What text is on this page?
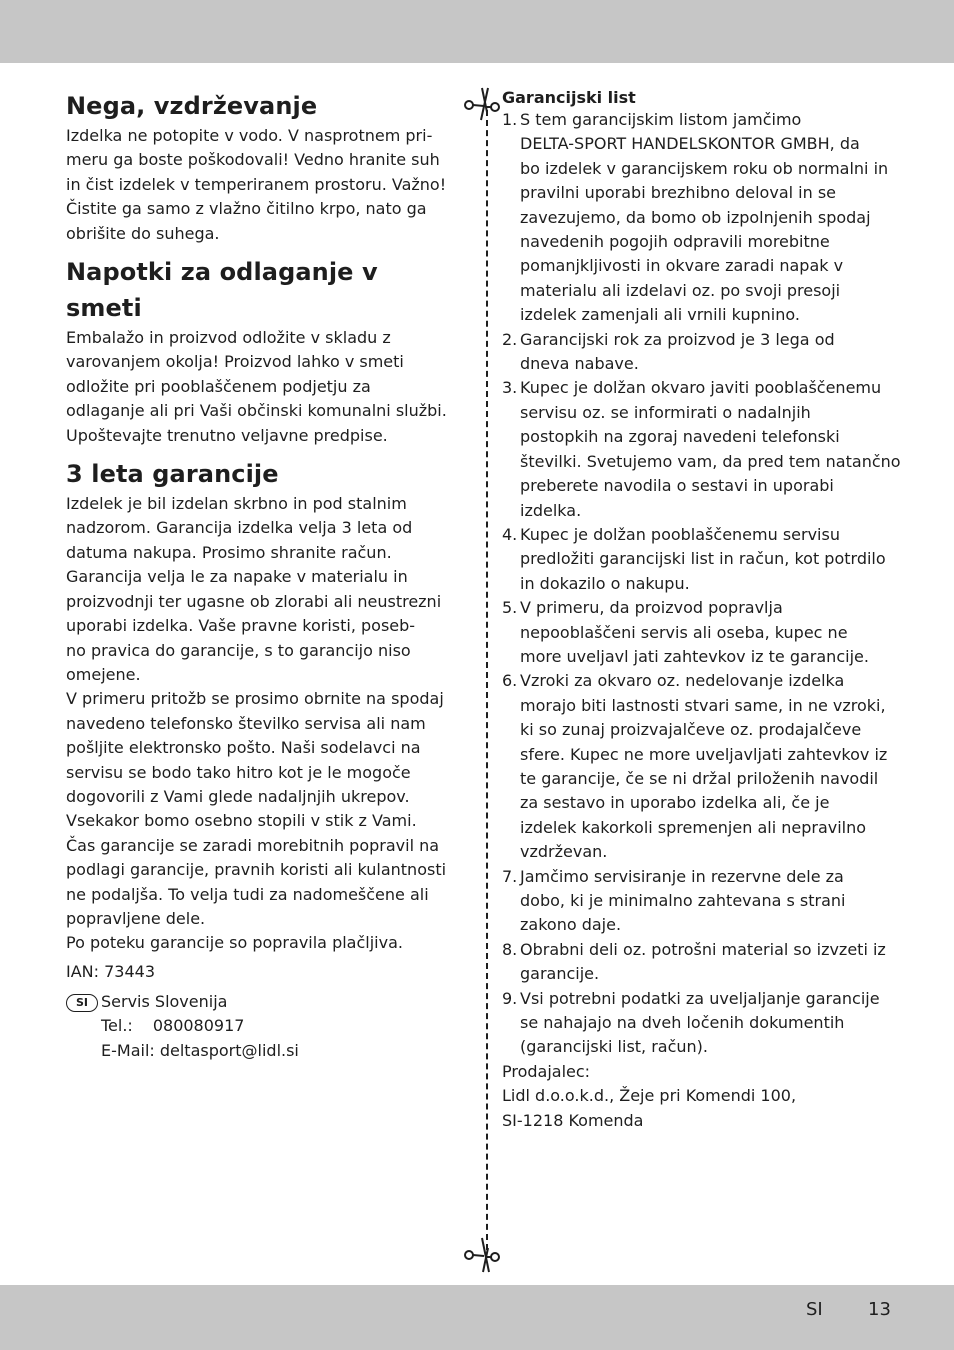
Nega, vzdrževanje
Izdelka ne potopite v vodo. V nasprotnem pri-
meru ga boste poškodovali! Vedno hranite suh
in čist izdelek v temperiranem prostoru. Važno!
Čistite ga samo z vlažno čitilno krpo, nato ga
obrišite do suhega.
Napotki za odlaganje v smeti
Embalažo in proizvod odložite v skladu z
varovanjem okolja! Proizvod lahko v smeti
odložite pri pooblaščenem podjetju za
odlaganje ali pri Vaši občinski komunalni službi.
Upoštevajte trenutno veljavne predpise.
3 leta garancije
Izdelek je bil izdelan skrbno in pod stalnim
nadzorom. Garancija izdelka velja 3 leta od
datuma nakupa. Prosimo shranite račun.
Garancija velja le za napake v materialu in
proizvodnji ter ugasne ob zlorabi ali neustrezni
uporabi izdelka. Vaše pravne koristi, poseb-
no pravica do garancije, s to garancijo niso
omejene.
V primeru pritožb se prosimo obrnite na spodaj
navedeno telefonsko številko servisa ali nam
pošljite elektronsko pošto. Naši sodelavci na
servisu se bodo tako hitro kot je le mogoče
dogovorili z Vami glede nadaljnjih ukrepov.
Vsekakor bomo osebno stopili v stik z Vami.
Čas garancije se zaradi morebitnih popravil na
podlagi garancije, pravnih koristi ali kulantnosti
ne podaljša. To velja tudi za nadomeščene ali
popravljene dele.
Po poteku garancije so popravila plačljiva.
IAN: 73443
SI Servis Slovenija
Tel.: 080080917
E-Mail: deltasport@lidl.si
Garancijski list
1. S tem garancijskim listom jamčimo
DELTA-SPORT HANDELSKONTOR GMBH, da
bo izdelek v garancijskem roku ob normalni in
pravilni uporabi brezhibno deloval in se
zavezujemo, da bomo ob izpolnjenih spodaj
navedenih pogojih odpravili morebitne
pomanjkljivosti in okvare zaradi napak v
materialu ali izdelavi oz. po svoji presoji
izdelek zamenjali ali vrnili kupnino.
2. Garancijski rok za proizvod je 3 lega od
dneva nabave.
3. Kupec je dolžan okvaro javiti pooblaščenemu
servisu oz. se informirati o nadalnjih
postopkih na zgoraj navedeni telefonski
številki. Svetujemo vam, da pred tem natančno
preberete navodila o sestavi in uporabi
izdelka.
4. Kupec je dolžan pooblaščenemu servisu
predložiti garancijski list in račun, kot potrdilo
in dokazilo o nakupu.
5. V primeru, da proizvod popravlja
nepooblaščeni servis ali oseba, kupec ne
more uveljavl jati zahtevkov iz te garancije.
6. Vzroki za okvaro oz. nedelovanje izdelka
morajo biti lastnosti stvari same, in ne vzroki,
ki so zunaj proizvajalčeve oz. prodajalčeve
sfere. Kupec ne more uveljavljati zahtevkov iz
te garancije, če se ni držal priloženih navodil
za sestavo in uporabo izdelka ali, če je
izdelek kakorkoli spremenjen ali nepravilno
vzdrževan.
7. Jamčimo servisiranje in rezervne dele za
dobo, ki je minimalno zahtevana s strani
zakono daje.
8. Obrabni deli oz. potrošni material so izvzeti iz
garancije.
9. Vsi potrebni podatki za uveljaljanje garancije
se nahajajo na dveh ločenih dokumentih
(garancijski list, račun).
Prodajalec:
Lidl d.o.o.k.d., Žeje pri Komendi 100,
SI-1218 Komenda
SI	13
